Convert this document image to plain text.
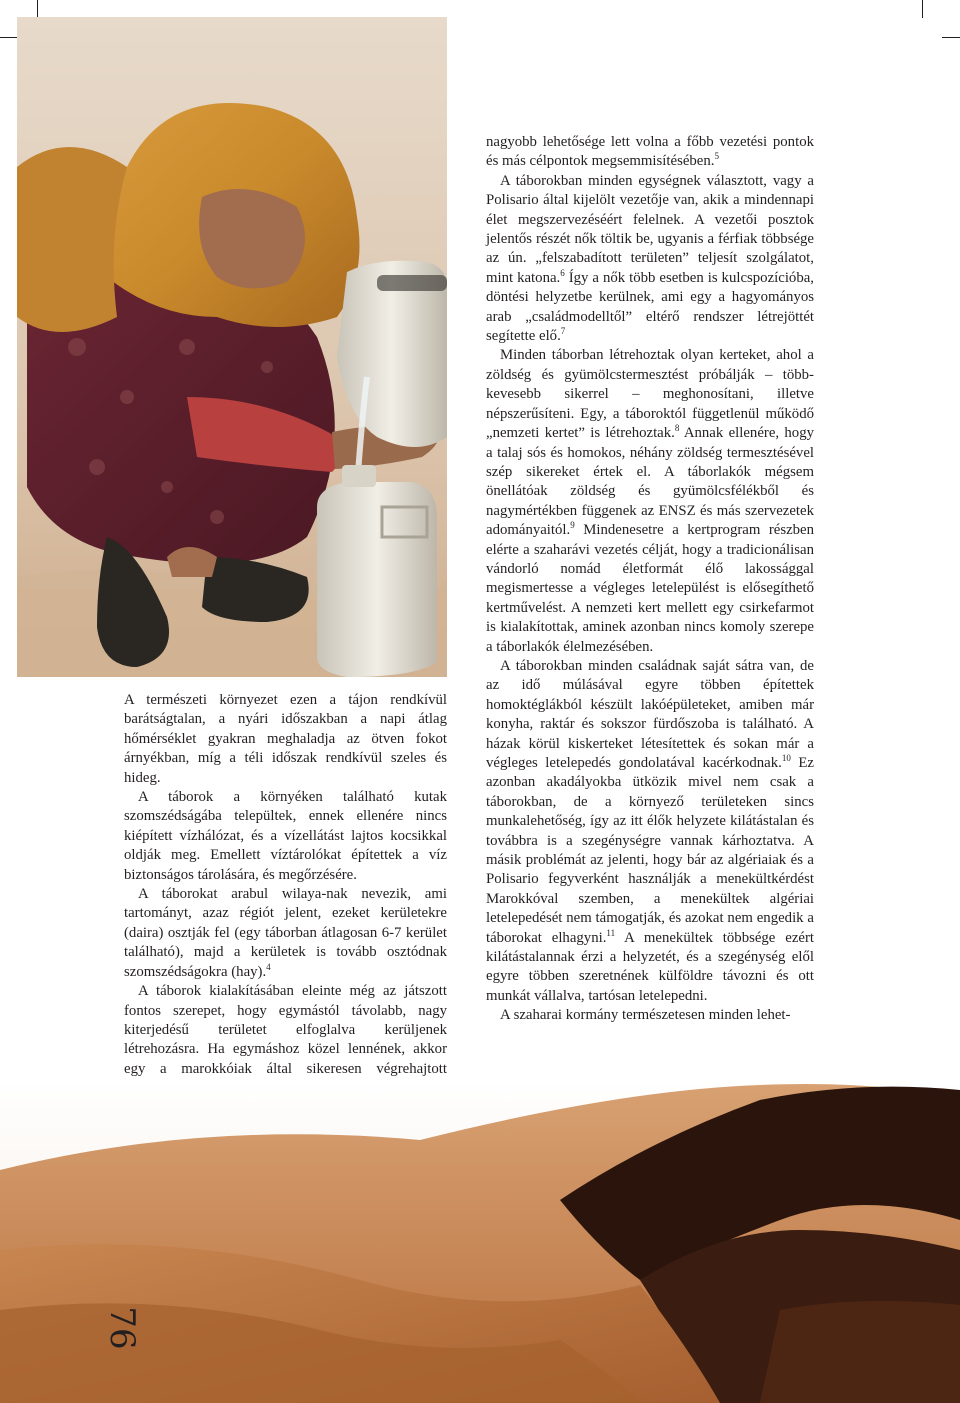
A természeti környezet ezen a tájon rendkívül barátságtalan, a nyári időszakban a napi átlag hőmérséklet gyakran meghaladja az ötven fokot árnyékban, míg a téli időszak rendkívül szeles és hideg.

A táborok a környéken található kutak szomszédságába települtek, ennek ellenére nincs kiépített vízhálózat, és a vízellátást lajtos kocsikkal oldják meg. Emellett víztárolókat építettek a víz biztonságos tárolására, és megőrzésére.

A táborokat arabul wilaya-nak nevezik, ami tartományt, azaz régiót jelent, ezeket kerületekre (daira) osztják fel (egy táborban átlagosan 6-7 kerület található), majd a kerületek is tovább osztódnak szomszédságokra (hay).$^4$

A táborok kialakításában eleinte még az játszott fontos szerepet, hogy egymástól távolabb, nagy kiterjedésű területet elfoglalva kerüljenek létrehozásra. Ha egymáshoz közel lennének, akkor egy a marokkóiak által sikeresen végrehajtott

nagyobb lehetősége lett volna a főbb vezetési pontok és más célpontok megsemmisítésében.$^5$

A táborokban minden egységnek választott, vagy a Polisario által kijelölt vezetője van, akik a mindennapi élet megszervezéséért felelnek. A vezetői posztok jelentős részét nők töltik be, ugyanis a férfiak többsége az ún. „felszabadított területen” teljesít szolgálatot, mint katona.$^6$ Így a nők több esetben is kulcspozícióba, döntési helyzetbe kerülnek, ami egy a hagyományos arab „családmodelltől” eltérő rendszer létrejöttét segítette elő.$^7$

Minden táborban létrehoztak olyan kerteket, ahol a zöldség és gyümölcstermesztést próbálják – több-kevesebb sikerrel – meghonosítani, illetve népszerűsíteni. Egy, a táboroktól függetlenül működő „nemzeti kertet” is létrehoztak.$^8$ Annak ellenére, hogy a talaj sós és homokos, néhány zöldség termesztésével szép sikereket értek el. A táborlakók mégsem önellátóak zöldség és gyümölcsfélékből és nagymértékben függenek az ENSZ és más szervezetek adományaitól.$^9$ Mindenesetre a kertprogram részben elérte a szaharávi vezetés célját, hogy a tradicionálisan vándorló nomád életformát élő lakossággal megismertesse a végleges letelepülést is elősegíthető kertművelést. A nemzeti kert mellett egy csirkefarmot is kialakítottak, aminek azonban nincs komoly szerepe a táborlakók élelmezésében.

A táborokban minden családnak saját sátra van, de az idő múlásával egyre többen építettek homoktéglákból készült lakóépületeket, amiben már konyha, raktár és sokszor fürdőszoba is található. A házak körül kiskerteket létesítettek és sokan már a végleges letelepedés gondolatával kacérkodnak.$^{10}$ Ez azonban akadályokba ütközik mivel nem csak a táborokban, de a környező területeken sincs munkalehetőség, így az itt élők helyzete kilátástalan és továbbra is a szegénységre vannak kárhoztatva. A másik problémát az jelenti, hogy bár az algériaiak és a Polisario fegyverként használják a menekültkérdést Marokkóval szemben, a menekültek algériai letelepedését nem támogatják, és azokat nem engedik a táborokat elhagyni.$^{11}$ A menekültek többsége ezért kilátástalannak érzi a helyzetét, és a szegénység elől egyre többen szeretnének külföldre távozni és ott munkát vállalva, tartósan letelepedni.

A szaharai kormány természetesen minden lehet-

76
